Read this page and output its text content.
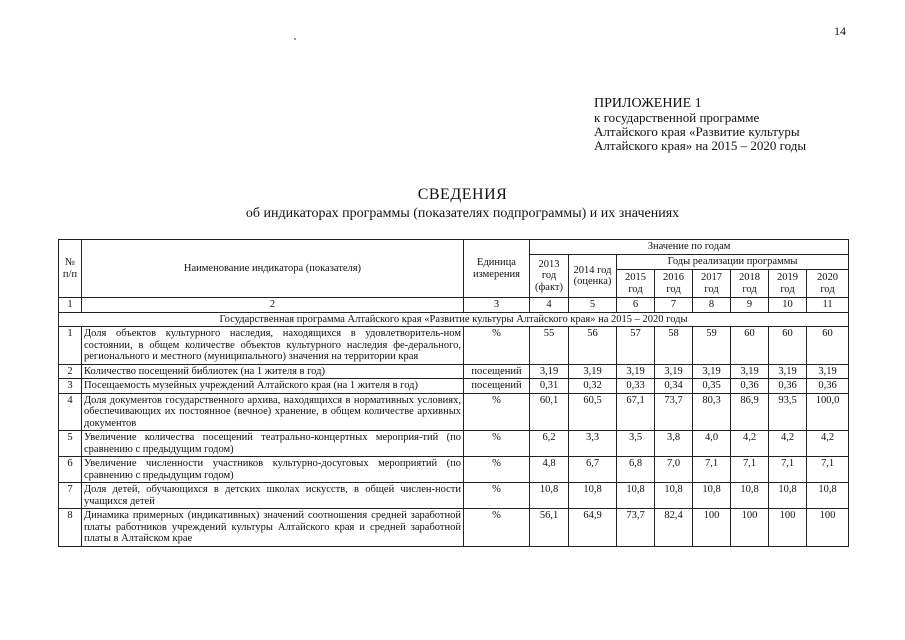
14
ПРИЛОЖЕНИЕ 1
к государственной программе
Алтайского края «Развитие культуры
Алтайского края» на 2015 – 2020 годы
СВЕДЕНИЯ
об индикаторах программы (показателях подпрограммы) и их значениях
№ п/п	Наименование индикатора (показателя)	Единица измерения	Значение по годам							
			2013 год (факт)	2014 год (оценка)	Годы реализации программы					
					2015 год	2016 год	2017 год	2018 год	2019 год	2020 год
1	2	3	4	5	6	7	8	9	10	11
Государственная программа Алтайского края «Развитие культуры Алтайского края» на 2015 – 2020 годы										
1	Доля объектов культурного наследия, находящихся в удовлетворитель-ном состоянии, в общем количестве объектов культурного наследия фе-дерального, регионального и местного (муниципального) значения на территории края	%	55	56	57	58	59	60	60	60
2	Количество посещений библиотек (на 1 жителя в год)	посещений	3,19	3,19	3,19	3,19	3,19	3,19	3,19	3,19
3	Посещаемость музейных учреждений Алтайского края (на 1 жителя в год)	посещений	0,31	0,32	0,33	0,34	0,35	0,36	0,36	0,36
4	Доля документов государственного архива, находящихся в нормативных условиях, обеспечивающих их постоянное (вечное) хранение, в общем количестве архивных документов	%	60,1	60,5	67,1	73,7	80,3	86,9	93,5	100,0
5	Увеличение количества посещений театрально-концертных мероприя-тий (по сравнению с предыдущим годом)	%	6,2	3,3	3,5	3,8	4,0	4,2	4,2	4,2
6	Увеличение численности участников культурно-досуговых мероприятий (по сравнению с предыдущим годом)	%	4,8	6,7	6,8	7,0	7,1	7,1	7,1	7,1
7	Доля детей, обучающихся в детских школах искусств, в общей числен-ности учащихся детей	%	10,8	10,8	10,8	10,8	10,8	10,8	10,8	10,8
8	Динамика примерных (индикативных) значений соотношения средней заработной платы работников учреждений культуры Алтайского края и средней заработной платы в Алтайском крае	%	56,1	64,9	73,7	82,4	100	100	100	100
